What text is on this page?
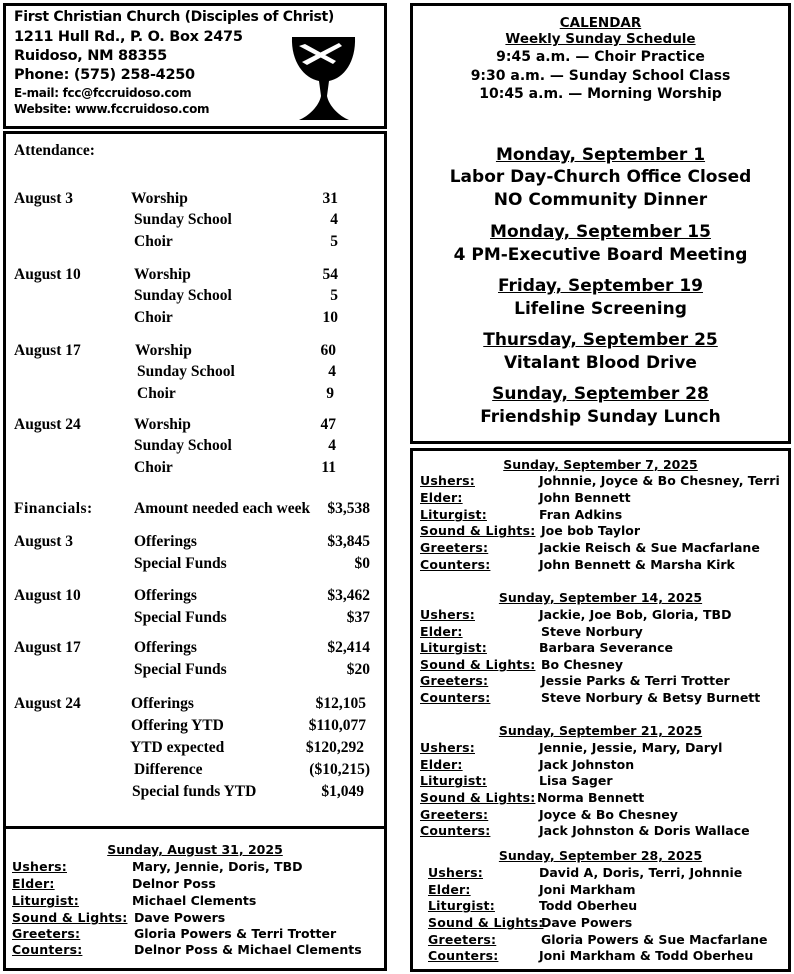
First Christian Church (Disciples of Christ)
1211 Hull Rd., P. O. Box 2475
Ruidoso, NM 88355
Phone: (575) 258-4250
E-mail: fcc@fccruidoso.com
Website: www.fccruidoso.com
Attendance:
August 3	Worship	31
Sunday School	4
Choir	5
August 10	Worship	54
Sunday School	5
Choir	10
August 17	Worship	60
Sunday School	4
Choir	9
August 24	Worship	47
Sunday School	4
Choir	11
Financials:	Amount needed each week $3,538
August 3	Offerings	$3,845
Special Funds	$0
August 10	Offerings	$3,462
Special Funds	$37
August 17	Offerings	$2,414
Special Funds	$20
August 24	Offerings	$12,105
Offering YTD	$110,077
YTD expected	$120,292
Difference	($10,215)
Special funds YTD	$1,049
Sunday, August 31, 2025
Ushers:	Mary, Jennie, Doris, TBD
Elder:	Delnor Poss
Liturgist:	Michael Clements
Sound & Lights: Dave Powers
Greeters:	Gloria Powers & Terri Trotter
Counters:	Delnor Poss & Michael Clements
CALENDAR
Weekly Sunday Schedule
9:45 a.m. — Choir Practice
9:30 a.m. — Sunday School Class
10:45 a.m. — Morning Worship
Monday, September 1
Labor Day-Church Office Closed
NO Community Dinner
Monday, September 15
4 PM-Executive Board Meeting
Friday, September 19
Lifeline Screening
Thursday, September 25
Vitalant Blood Drive
Sunday, September 28
Friendship Sunday Lunch
Sunday, September 7, 2025
Ushers:	Johnnie, Joyce & Bo Chesney, Terri
Elder:	John Bennett
Liturgist:	Fran Adkins
Sound & Lights: Joe bob Taylor
Greeters:	Jackie Reisch & Sue Macfarlane
Counters:	John Bennett & Marsha Kirk
Sunday, September 14, 2025
Ushers:	Jackie, Joe Bob, Gloria, TBD
Elder:	Steve Norbury
Liturgist:	Barbara Severance
Sound & Lights: Bo Chesney
Greeters:	Jessie Parks & Terri Trotter
Counters:	Steve Norbury & Betsy Burnett
Sunday, September 21, 2025
Ushers:	Jennie, Jessie, Mary, Daryl
Elder:	Jack Johnston
Liturgist:	Lisa Sager
Sound & Lights: Norma Bennett
Greeters:	Joyce & Bo Chesney
Counters:	Jack Johnston & Doris Wallace
Sunday, September 28, 2025
Ushers:	David A, Doris, Terri, Johnnie
Elder:	Joni Markham
Liturgist:	Todd Oberheu
Sound & Lights:
Dave Powers
Greeters:	Gloria Powers & Sue Macfarlane
Counters:	Joni Markham & Todd Oberheu
